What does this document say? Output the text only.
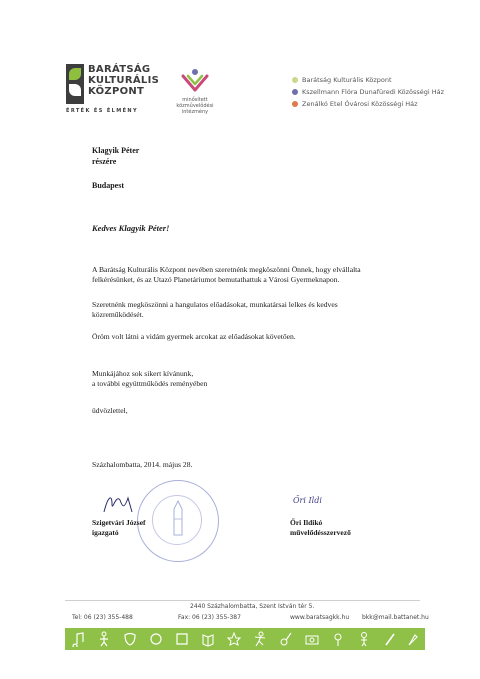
BARÁTSÁG
KULTURÁLIS
KÖZPONT
ÉRTÉK ÉS ÉLMÉNY
minősített
közművelődési
intézmény
Barátság Kulturális Központ
Kszellmann Flóra Dunafüredi Közösségi Ház
Zenálkó Etel Óvárosi Közösségi Ház
Klagyik Péter
részére
Budapest
Kedves Klagyik Péter!
A Barátság Kulturális Központ nevében szeretnénk megköszönni Önnek, hogy elvállalta
felkérésünket, és az Utazó Planetáriumot bemutathattuk a Városi Gyermeknapon.
Szeretnénk megköszönni a hangulatos előadásokat, munkatársai lelkes és kedves
közreműködését.
Öröm volt látni a vidám gyermek arcokat az előadásokat követően.
Munkájához sok sikert kívánunk,
a további együttműködés reményében
üdvözlettel,
Százhalombatta, 2014. május 28.
Szigetvári József
igazgató
Őri Ildi
Őri Ildikó
művelődésszervező
2440 Százhalombatta, Szent István tér 5.
Tel: 06 (23) 355-488	Fax: 06 (23) 355-387	www.baratsagkk.hu bkk@mail.battanet.hu
